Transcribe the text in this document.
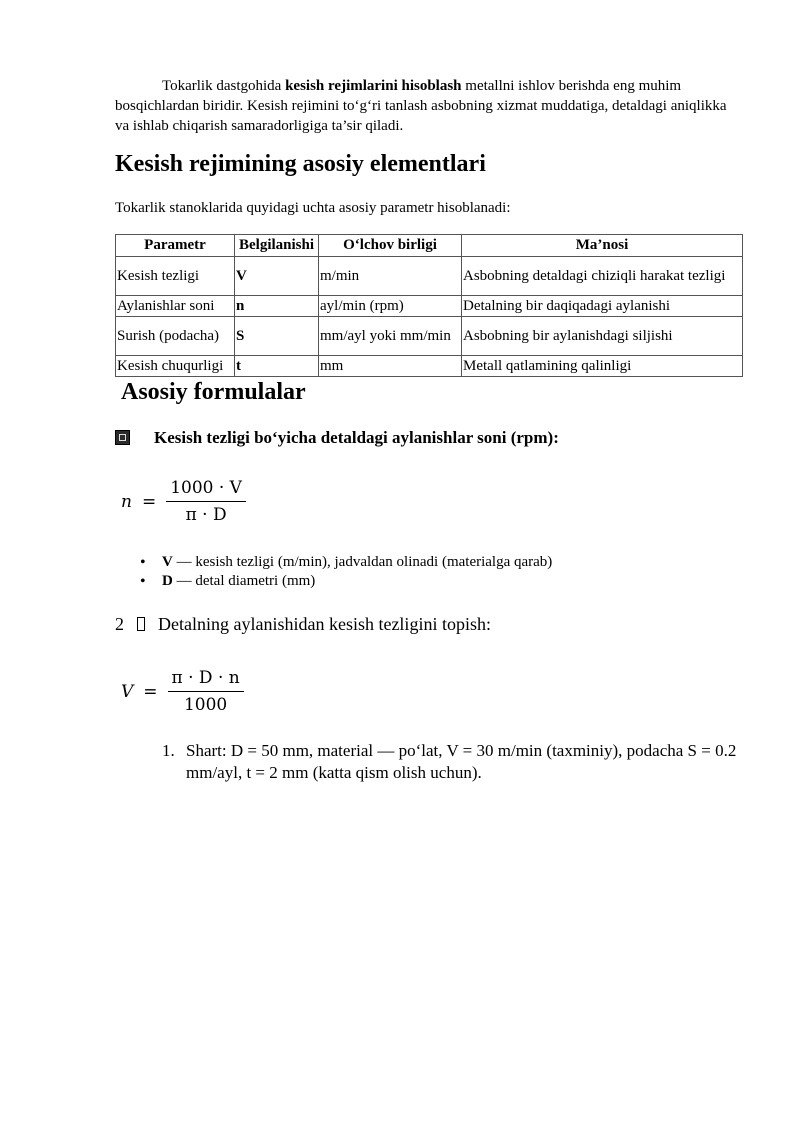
Tokarlik dastgohida kesish rejimlarini hisoblash metallni ishlov berishda eng muhim bosqichlardan biridir. Kesish rejimini to‘g‘ri tanlash asbobning xizmat muddatiga, detaldagi aniqlikka va ishlab chiqarish samaradorligiga ta’sir qiladi.

Kesish rejimining asosiy elementlari

Tokarlik stanoklarida quyidagi uchta asosiy parametr hisoblanadi:

Parametr	Belgilanishi	O‘lchov birligi	Ma’nosi
Kesish tezligi	V	m/min	Asbobning detaldagi chiziqli harakat tezligi
Aylanishlar soni	n	ayl/min (rpm)	Detalning bir daqiqadagi aylanishi
Surish (podacha)	S	mm/ayl yoki mm/min	Asbobning bir aylanishdagi siljishi
Kesish chuqurligi	t	mm	Metall qatlamining qalinligi
Asosiy formulalar
Kesish tezligi bo‘yicha detaldagi aylanishlar soni (rpm):
$n = \frac{1000 \cdot V}{\pi \cdot D}$
• V — kesish tezligi (m/min), jadvaldan olinadi (materialga qarab)
• D — detal diametri (mm)
2 Detalning aylanishidan kesish tezligini topish:
$V = \frac{\pi \cdot D \cdot n}{1000}$
1. Shart: D = 50 mm, material — po‘lat, V = 30 m/min (taxminiy), podacha S = 0.2 mm/ayl, t = 2 mm (katta qism olish uchun).
